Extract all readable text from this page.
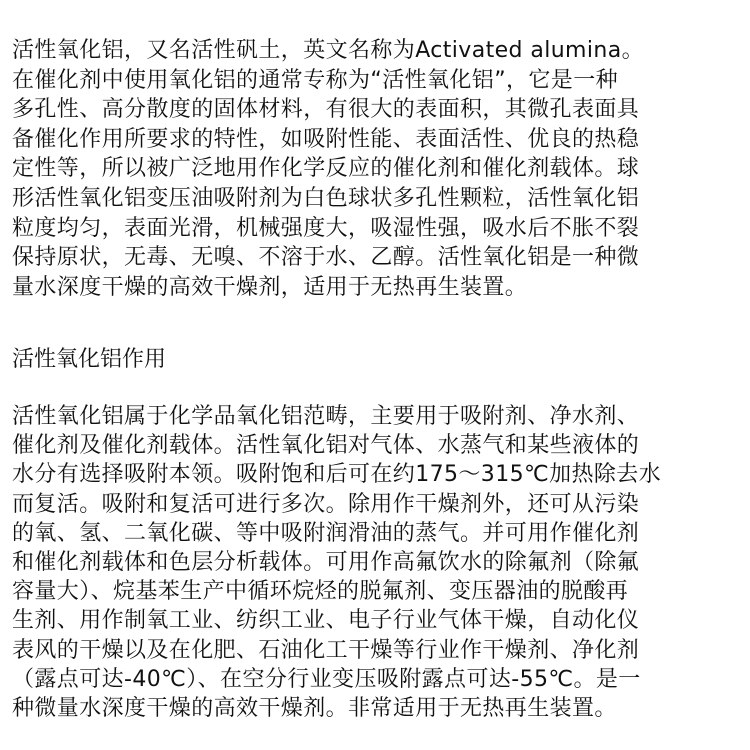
活性氧化铝，又名活性矾土，英文名称为Activated alumina。
在催化剂中使用氧化铝的通常专称为“活性氧化铝”，它是一种
多孔性、高分散度的固体材料，有很大的表面积，其微孔表面具
备催化作用所要求的特性，如吸附性能、表面活性、优良的热稳
定性等，所以被广泛地用作化学反应的催化剂和催化剂载体。球
形活性氧化铝变压油吸附剂为白色球状多孔性颗粒，活性氧化铝
粒度均匀，表面光滑，机械强度大，吸湿性强，吸水后不胀不裂
保持原状，无毒、无嗅、不溶于水、乙醇。活性氧化铝是一种微
量水深度干燥的高效干燥剂，适用于无热再生装置。
活性氧化铝作用
活性氧化铝属于化学品氧化铝范畴，主要用于吸附剂、净水剂、
催化剂及催化剂载体。活性氧化铝对气体、水蒸气和某些液体的
水分有选择吸附本领。吸附饱和后可在约175～315℃加热除去水
而复活。吸附和复活可进行多次。除用作干燥剂外，还可从污染
的氧、氢、二氧化碳、等中吸附润滑油的蒸气。并可用作催化剂
和催化剂载体和色层分析载体。可用作高氟饮水的除氟剂（除氟
容量大）、烷基苯生产中循环烷烃的脱氟剂、变压器油的脱酸再
生剂、用作制氧工业、纺织工业、电子行业气体干燥，自动化仪
表风的干燥以及在化肥、石油化工干燥等行业作干燥剂、净化剂
（露点可达-40℃）、在空分行业变压吸附露点可达-55℃。是一
种微量水深度干燥的高效干燥剂。非常适用于无热再生装置。
